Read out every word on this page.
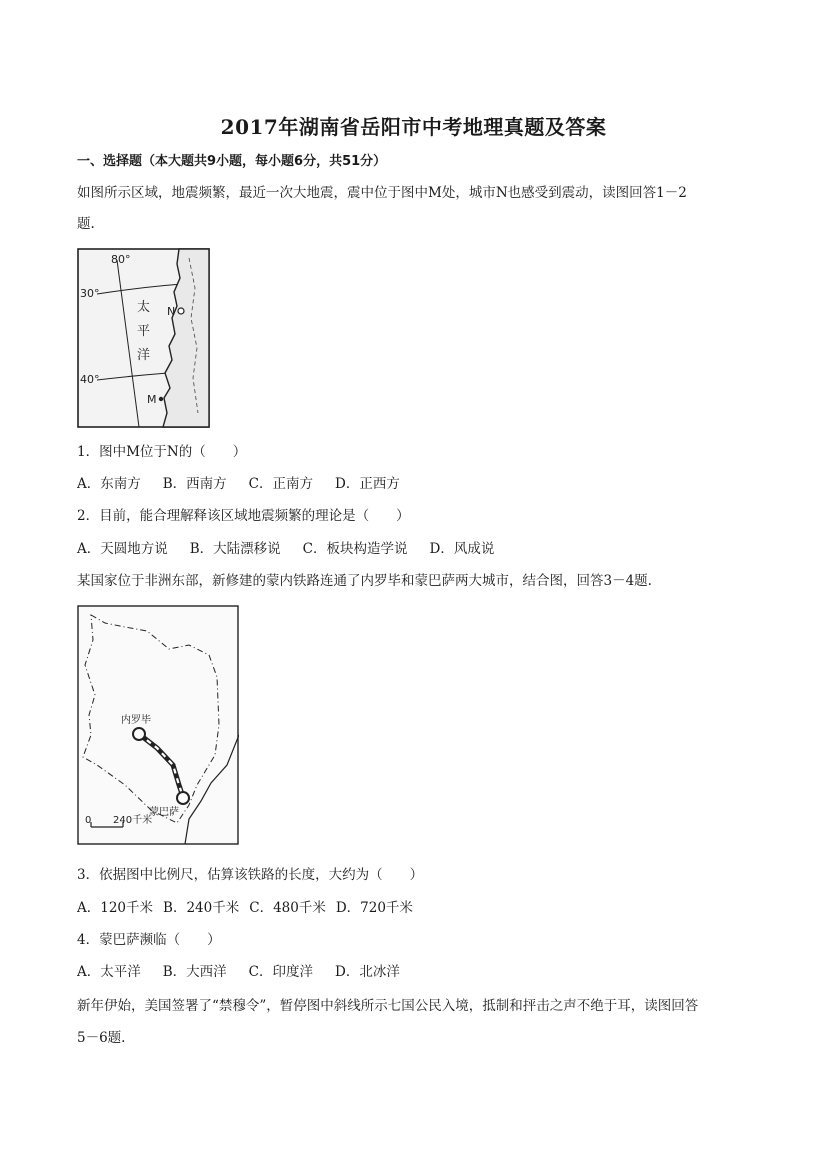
2017年湖南省岳阳市中考地理真题及答案
一、选择题（本大题共9小题，每小题6分，共51分）
如图所示区域，地震频繁，最近一次大地震，震中位于图中M处，城市N也感受到震动，读图回答1－2
题.
80°
30°
40°
太
平
洋
N
M
1．图中M位于N的（　　）
A．东南方 B．西南方 C．正南方 D．正西方
2．目前，能合理解释该区域地震频繁的理论是（　　）
A．天圆地方说 B．大陆漂移说 C．板块构造学说 D．风成说
某国家位于非洲东部，新修建的蒙内铁路连通了内罗毕和蒙巴萨两大城市，结合图，回答3－4题.
内罗毕
蒙巴萨
0 240千米
3．依据图中比例尺，估算该铁路的长度，大约为（　　）
A．120千米 B．240千米 C．480千米 D．720千米
4．蒙巴萨濒临（　　）
A．太平洋 B．大西洋 C．印度洋 D．北冰洋
新年伊始，美国签署了“禁穆令”，暂停图中斜线所示七国公民入境，抵制和抨击之声不绝于耳，读图回答
5－6题.
